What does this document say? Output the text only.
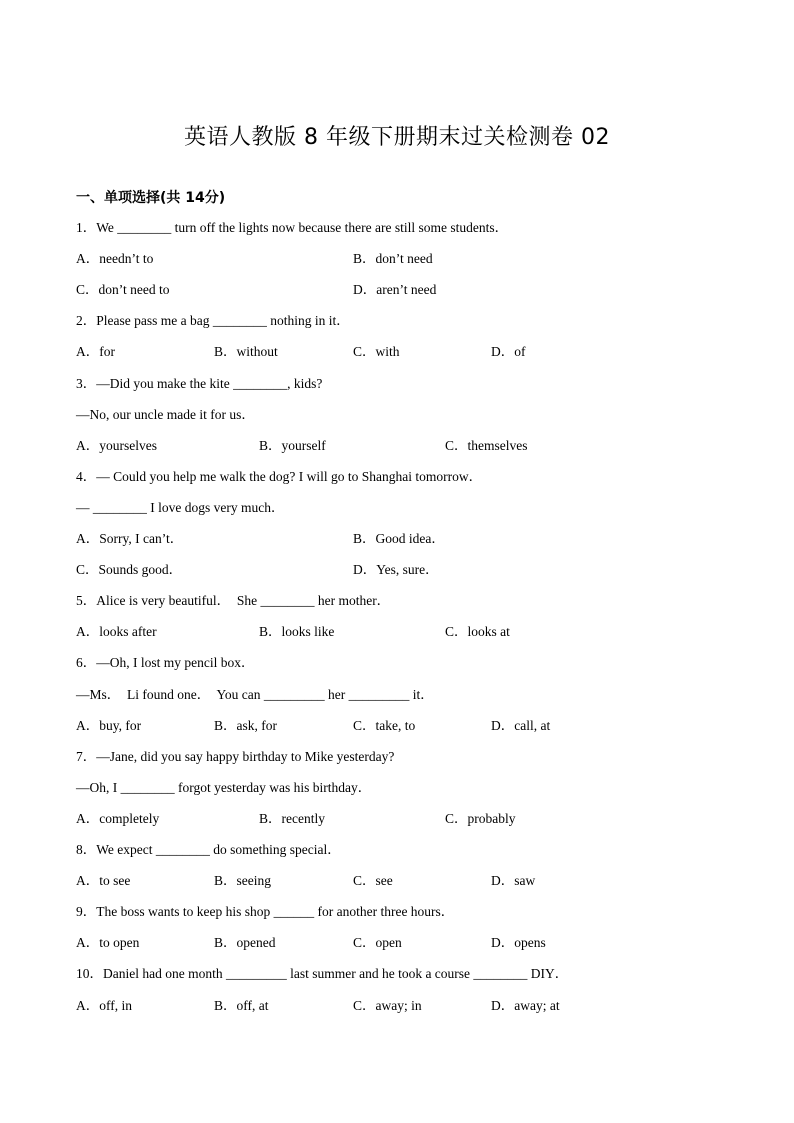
英语人教版 8 年级下册期末过关检测卷 02
一、单项选择(共 14分)
1．We ________ turn off the lights now because there are still some students．
A．needn’t to	B．don’t need
C．don’t need to	D．aren’t need
2．Please pass me a bag ________ nothing in it．
A．for	B．without	C．with	D．of
3．—Did you make the kite ________, kids?
—No, our uncle made it for us．
A．yourselves	B．yourself	C．themselves
4．— Could you help me walk the dog? I will go to Shanghai tomorrow．
— ________ I love dogs very much．
A．Sorry, I can’t．	B．Good idea．
C．Sounds good．	D．Yes, sure．
5．Alice is very beautiful．  She ________ her mother．
A．looks after	B．looks like	C．looks at
6．—Oh, I lost my pencil box．
—Ms．  Li found one．  You can _________ her _________ it．
A．buy, for	B．ask, for	C．take, to	D．call, at
7．—Jane, did you say happy birthday to Mike yesterday?
—Oh, I ________ forgot yesterday was his birthday．
A．completely	B．recently	C．probably
8．We expect ________ do something special．
A．to see	B．seeing	C．see	D．saw
9．The boss wants to keep his shop ______ for another three hours．
A．to open	B．opened	C．open	D．opens
10．Daniel had one month _________ last summer and he took a course ________ DIY．
A．off, in	B．off, at	C．away; in	D．away; at
